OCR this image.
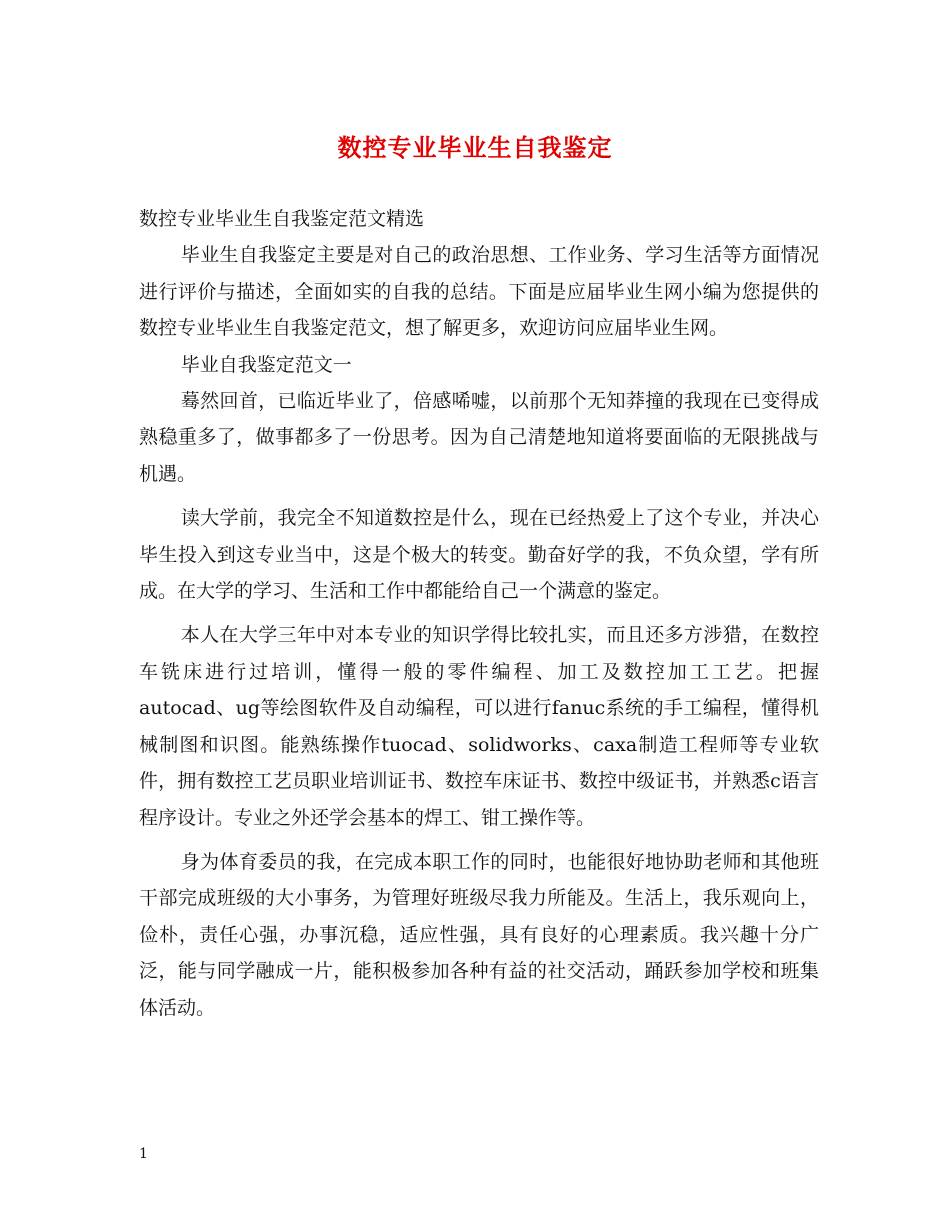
数控专业毕业生自我鉴定

数控专业毕业生自我鉴定范文精选

毕业生自我鉴定主要是对自己的政治思想、工作业务、学习生活等方面情况进行评价与描述，全面如实的自我的总结。下面是应届毕业生网小编为您提供的数控专业毕业生自我鉴定范文，想了解更多，欢迎访问应届毕业生网。

毕业自我鉴定范文一

蓦然回首，已临近毕业了，倍感唏嘘，以前那个无知莽撞的我现在已变得成熟稳重多了，做事都多了一份思考。因为自己清楚地知道将要面临的无限挑战与机遇。

读大学前，我完全不知道数控是什么，现在已经热爱上了这个专业，并决心毕生投入到这专业当中，这是个极大的转变。勤奋好学的我，不负众望，学有所成。在大学的学习、生活和工作中都能给自己一个满意的鉴定。

本人在大学三年中对本专业的知识学得比较扎实，而且还多方涉猎，在数控车铣床进行过培训，懂得一般的零件编程、加工及数控加工工艺。把握autocad、ug等绘图软件及自动编程，可以进行fanuc系统的手工编程，懂得机械制图和识图。能熟练操作tuocad、solidworks、caxa制造工程师等专业软件，拥有数控工艺员职业培训证书、数控车床证书、数控中级证书，并熟悉c语言程序设计。专业之外还学会基本的焊工、钳工操作等。

身为体育委员的我，在完成本职工作的同时，也能很好地协助老师和其他班干部完成班级的大小事务，为管理好班级尽我力所能及。生活上，我乐观向上，俭朴，责任心强，办事沉稳，适应性强，具有良好的心理素质。我兴趣十分广泛，能与同学融成一片，能积极参加各种有益的社交活动，踊跃参加学校和班集体活动。

1
